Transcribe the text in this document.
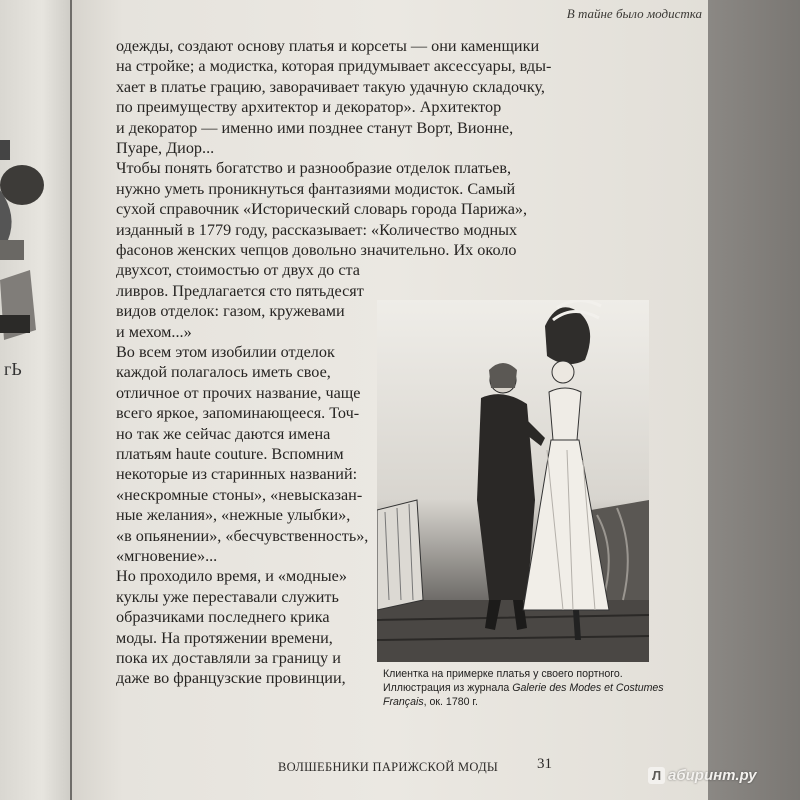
гЬ
В тайне было модистка
одежды, создают основу платья и корсеты — они каменщики
на стройке; а модистка, которая придумывает аксессуары, вды-
хает в платье грацию, заворачивает такую удачную складочку,
по преимуществу архитектор и декоратор». Архитектор
и декоратор — именно ими позднее станут Ворт, Вионне,
Пуаре, Диор...
Чтобы понять богатство и разнообразие отделок платьев,
нужно уметь проникнуться фантазиями модисток. Самый
сухой справочник «Исторический словарь города Парижа»,
изданный в 1779 году, рассказывает: «Количество модных
фасонов женских чепцов довольно значительно. Их около
двухсот, стоимостью от двух до ста
ливров. Предлагается сто пятьдесят
видов отделок: газом, кружевами
и мехом...»
Во всем этом изобилии отделок
каждой полагалось иметь свое,
отличное от прочих название, чаще
всего яркое, запоминающееся. Точ-
но так же сейчас даются имена
платьям haute couture. Вспомним
некоторые из старинных названий:
«нескромные стоны», «невысказан-
ные желания», «нежные улыбки»,
«в опьянении», «бесчувственность»,
«мгновение»...
Но проходило время, и «модные»
куклы уже переставали служить
образчиками последнего крика
моды. На протяжении времени,
пока их доставляли за границу и
даже во французские провинции,	Клиентка на примерке платья у своего портного.
Иллюстрация из журнала Galerie des Modes et Costumes
Français, ок. 1780 г.
ВОЛШЕБНИКИ ПАРИЖСКОЙ МОДЫ	31
Л абиринт.ру
